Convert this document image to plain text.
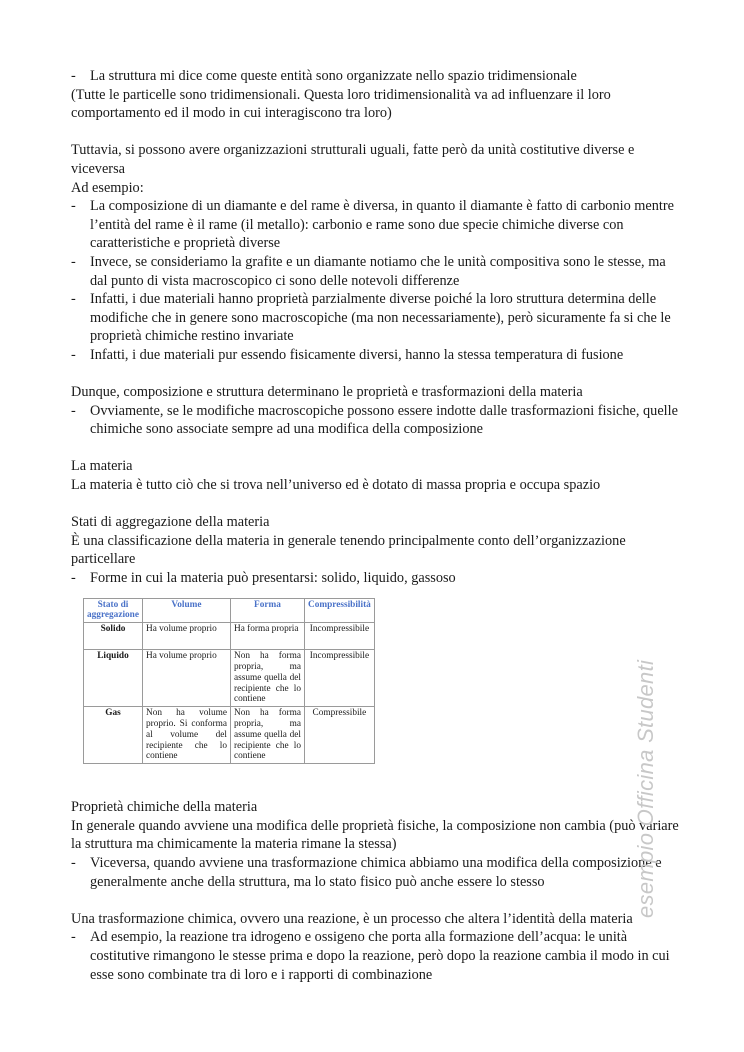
- La struttura mi dice come queste entità sono organizzate nello spazio tridimensionale

(Tutte le particelle sono tridimensionali. Questa loro tridimensionalità va ad influenzare il loro comportamento ed il modo in cui interagiscono tra loro)

Tuttavia, si possono avere organizzazioni strutturali uguali, fatte però da unità costitutive diverse e viceversa

Ad esempio:

- La composizione di un diamante e del rame è diversa, in quanto il diamante è fatto di carbonio mentre l’entità del rame è il rame (il metallo): carbonio e rame sono due specie chimiche diverse con caratteristiche e proprietà diverse

- Invece, se consideriamo la grafite e un diamante notiamo che le unità compositiva sono le stesse, ma dal punto di vista macroscopico ci sono delle notevoli differenze

- Infatti, i due materiali hanno proprietà parzialmente diverse poiché la loro struttura determina delle modifiche che in genere sono macroscopiche (ma non necessariamente), però sicuramente fa si che le proprietà chimiche restino invariate

- Infatti, i due materiali pur essendo fisicamente diversi, hanno la stessa temperatura di fusione

Dunque, composizione e struttura determinano le proprietà e trasformazioni della materia

- Ovviamente, se le modifiche macroscopiche possono essere indotte dalle trasformazioni fisiche, quelle chimiche sono associate sempre ad una modifica della composizione

La materia

La materia è tutto ciò che si trova nell’universo ed è dotato di massa propria e occupa spazio

Stati di aggregazione della materia

È una classificazione della materia in generale tenendo principalmente conto dell’organizzazione particellare

- Forme in cui la materia può presentarsi: solido, liquido, gassoso

Stato di aggregazione	Volume	Forma	Compressibilità
Solido	Ha volume proprio	Ha forma propria	Incompressibile
Liquido	Ha volume proprio	Non ha forma propria, ma assume quella del recipiente che lo contiene	Incompressibile
Gas	Non ha volume proprio. Si conforma al volume del recipiente che lo contiene	Non ha forma propria, ma assume quella del recipiente che lo contiene	Compressibile

Proprietà chimiche della materia

In generale quando avviene una modifica delle proprietà fisiche, la composizione non cambia (può variare la struttura ma chimicamente la materia rimane la stessa)

- Viceversa, quando avviene una trasformazione chimica abbiamo una modifica della composizione e generalmente anche della struttura, ma lo stato fisico può anche essere lo stesso

Una trasformazione chimica, ovvero una reazione, è un processo che altera l’identità della materia

- Ad esempio, la reazione tra idrogeno e ossigeno che porta alla formazione dell’acqua: le unità costitutive rimangono le stesse prima e dopo la reazione, però dopo la reazione cambia il modo in cui esse sono combinate tra di loro e i rapporti di combinazione

esempio Officina Studenti
